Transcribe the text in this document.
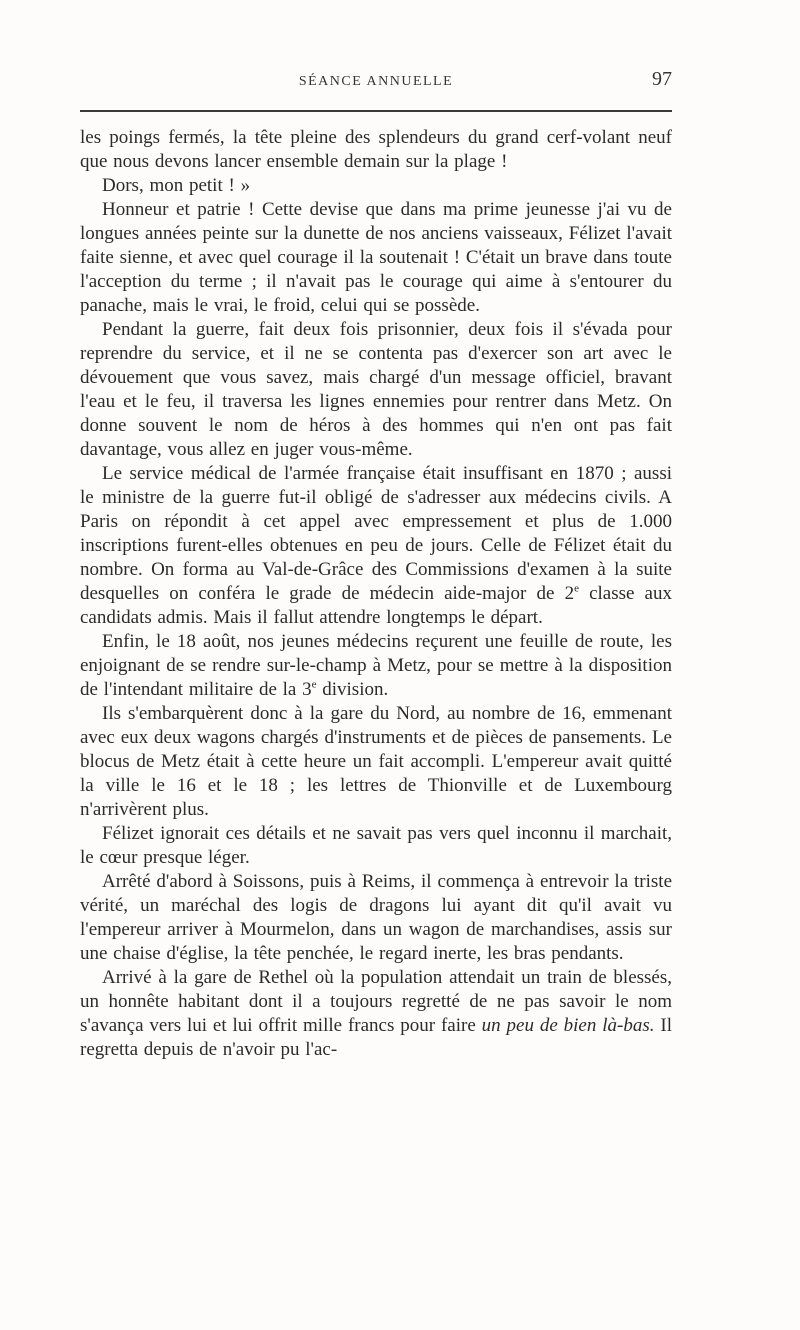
SÉANCE ANNUELLE	97

les poings fermés, la tête pleine des splendeurs du grand cerf-volant neuf que nous devons lancer ensemble demain sur la plage !

Dors, mon petit ! »

Honneur et patrie ! Cette devise que dans ma prime jeunesse j'ai vu de longues années peinte sur la dunette de nos anciens vaisseaux, Félizet l'avait faite sienne, et avec quel courage il la soutenait ! C'était un brave dans toute l'acception du terme ; il n'avait pas le courage qui aime à s'entourer du panache, mais le vrai, le froid, celui qui se possède.

Pendant la guerre, fait deux fois prisonnier, deux fois il s'évada pour reprendre du service, et il ne se contenta pas d'exercer son art avec le dévouement que vous savez, mais chargé d'un message officiel, bravant l'eau et le feu, il traversa les lignes ennemies pour rentrer dans Metz. On donne souvent le nom de héros à des hommes qui n'en ont pas fait davantage, vous allez en juger vous-même.

Le service médical de l'armée française était insuffisant en 1870 ; aussi le ministre de la guerre fut-il obligé de s'adresser aux médecins civils. A Paris on répondit à cet appel avec empressement et plus de 1.000 inscriptions furent-elles obtenues en peu de jours. Celle de Félizet était du nombre. On forma au Val-de-Grâce des Commissions d'examen à la suite desquelles on conféra le grade de médecin aide-major de 2e classe aux candidats admis. Mais il fallut attendre longtemps le départ.

Enfin, le 18 août, nos jeunes médecins reçurent une feuille de route, les enjoignant de se rendre sur-le-champ à Metz, pour se mettre à la disposition de l'intendant militaire de la 3e division.

Ils s'embarquèrent donc à la gare du Nord, au nombre de 16, emmenant avec eux deux wagons chargés d'instruments et de pièces de pansements. Le blocus de Metz était à cette heure un fait accompli. L'empereur avait quitté la ville le 16 et le 18 ; les lettres de Thionville et de Luxembourg n'arrivèrent plus.

Félizet ignorait ces détails et ne savait pas vers quel inconnu il marchait, le cœur presque léger.

Arrêté d'abord à Soissons, puis à Reims, il commença à entrevoir la triste vérité, un maréchal des logis de dragons lui ayant dit qu'il avait vu l'empereur arriver à Mourmelon, dans un wagon de marchandises, assis sur une chaise d'église, la tête penchée, le regard inerte, les bras pendants.

Arrivé à la gare de Rethel où la population attendait un train de blessés, un honnête habitant dont il a toujours regretté de ne pas savoir le nom s'avança vers lui et lui offrit mille francs pour faire un peu de bien là-bas. Il regretta depuis de n'avoir pu l'ac-
